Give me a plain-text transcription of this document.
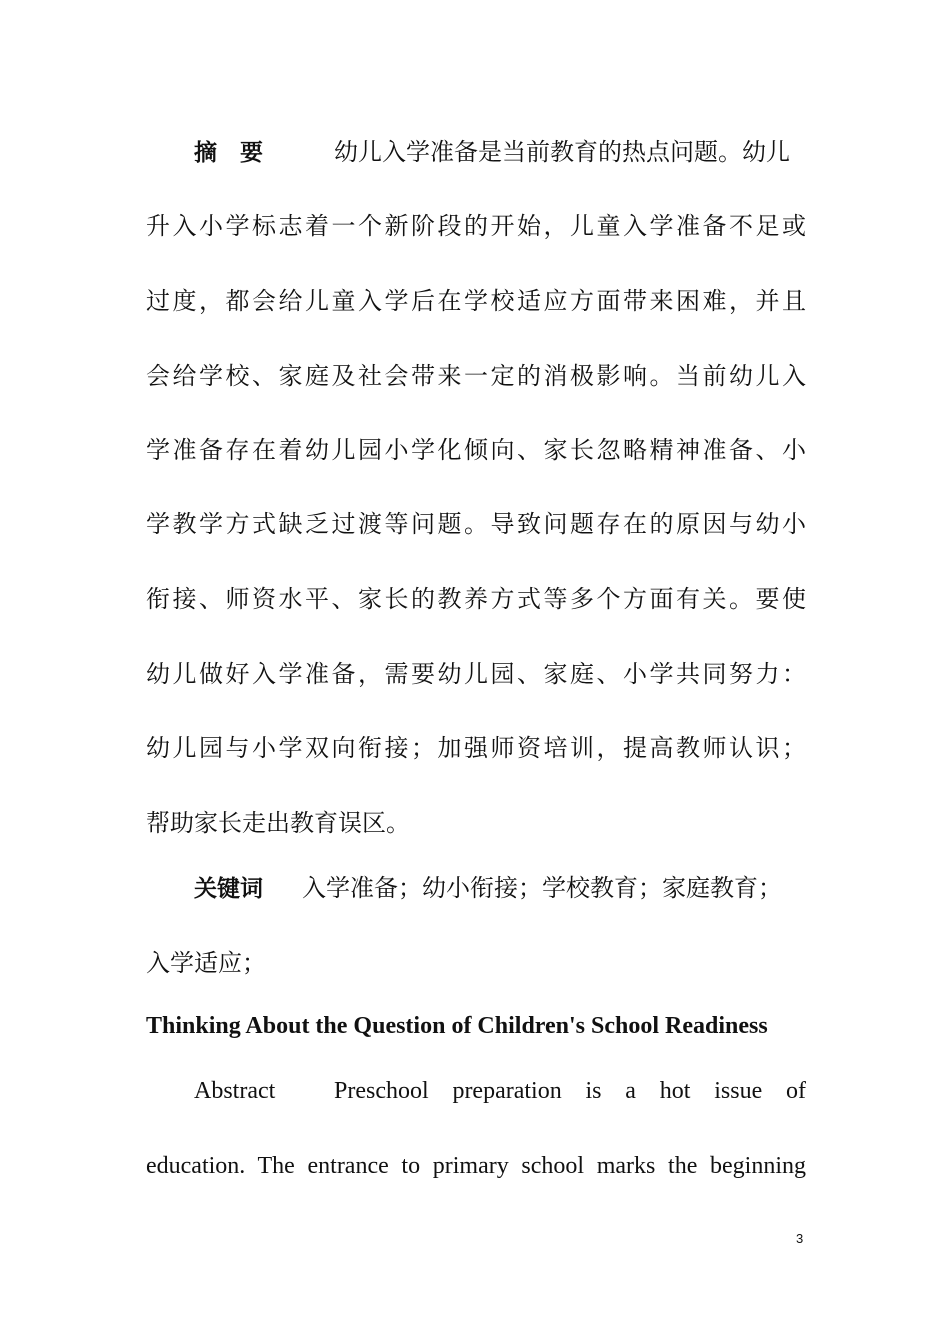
摘　要	幼儿入学准备是当前教育的热点问题。幼儿
升入小学标志着一个新阶段的开始，儿童入学准备不足或
过度，都会给儿童入学后在学校适应方面带来困难，并且
会给学校、家庭及社会带来一定的消极影响。当前幼儿入
学准备存在着幼儿园小学化倾向、家长忽略精神准备、小
学教学方式缺乏过渡等问题。导致问题存在的原因与幼小
衔接、师资水平、家长的教养方式等多个方面有关。要使
幼儿做好入学准备，需要幼儿园、家庭、小学共同努力：
幼儿园与小学双向衔接；加强师资培训，提高教师认识；
帮助家长走出教育误区。
关键词 入学准备；幼小衔接；学校教育；家庭教育；
入学适应；
Thinking About the Question of Children's School Readiness
Abstract Preschool preparation is a hot issue of
education. The entrance to primary school marks the beginning
3
